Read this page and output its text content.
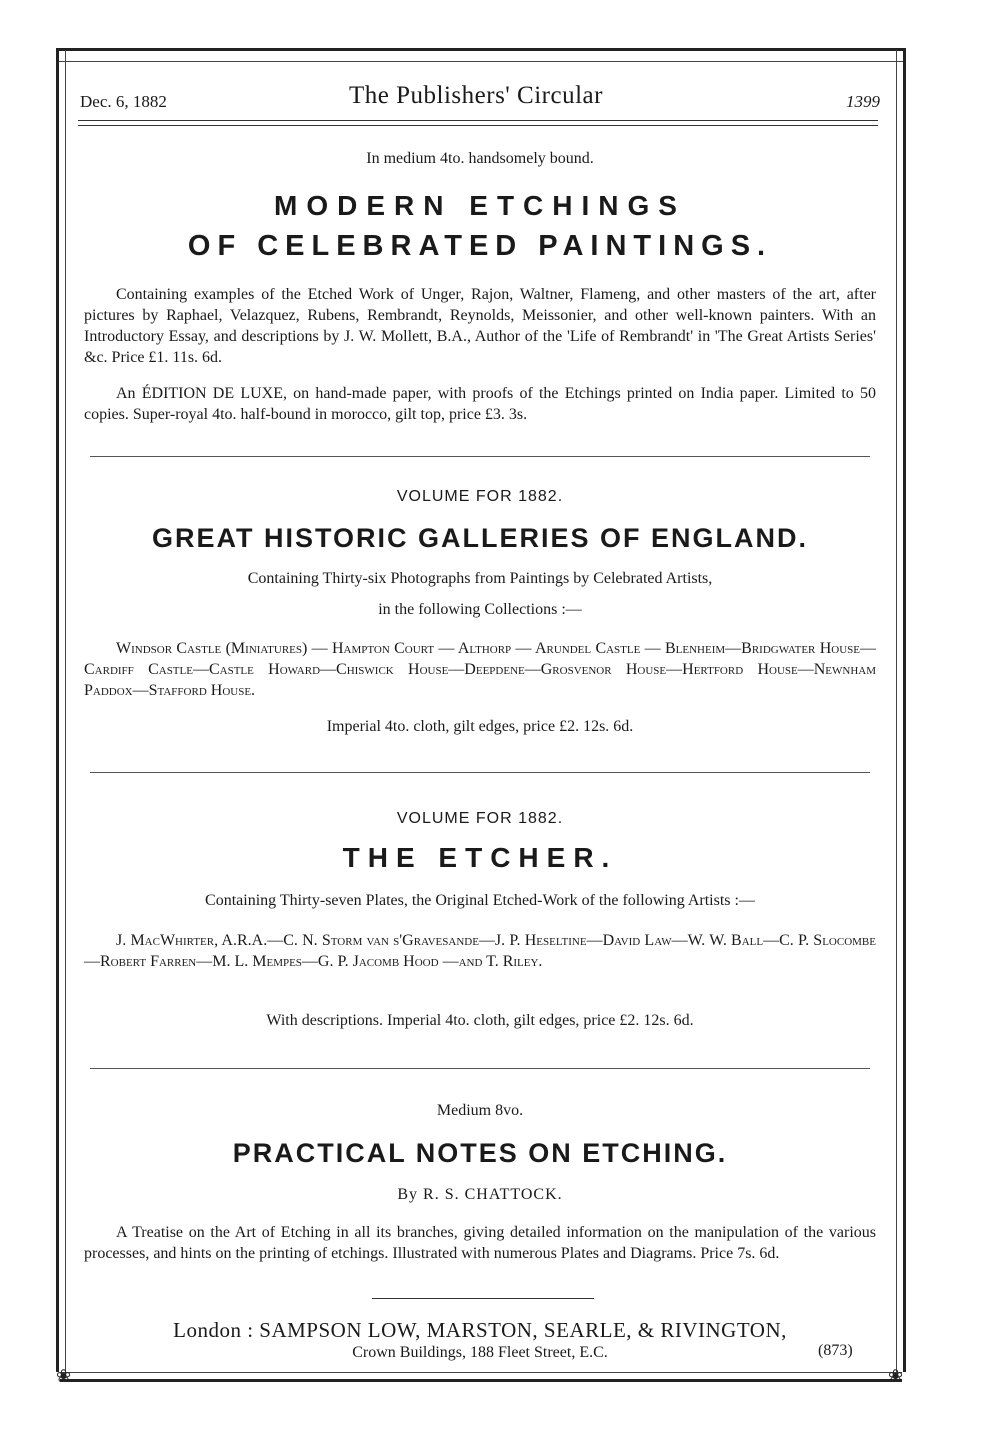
❀	❀
Dec. 6, 1882	The Publishers' Circular	1399
In medium 4to. handsomely bound.
MODERN ETCHINGS
OF CELEBRATED PAINTINGS.
Containing examples of the Etched Work of Unger, Rajon, Waltner, Flameng, and other masters of the art, after pictures by Raphael, Velazquez, Rubens, Rembrandt, Reynolds, Meissonier, and other well-known painters. With an Introductory Essay, and descriptions by J. W. Mollett, B.A., Author of the 'Life of Rembrandt' in 'The Great Artists Series' &c. Price £1. 11s. 6d.
An ÉDITION DE LUXE, on hand-made paper, with proofs of the Etchings printed on India paper. Limited to 50 copies. Super-royal 4to. half-bound in morocco, gilt top, price £3. 3s.
VOLUME FOR 1882.
GREAT HISTORIC GALLERIES OF ENGLAND.
Containing Thirty-six Photographs from Paintings by Celebrated Artists,
in the following Collections :—
Windsor Castle (Miniatures) — Hampton Court — Althorp — Arundel Castle — Blenheim—Bridgwater House—Cardiff Castle—Castle Howard—Chiswick House—Deepdene—Grosvenor House—Hertford House—Newnham Paddox—Stafford House.
Imperial 4to. cloth, gilt edges, price £2. 12s. 6d.
VOLUME FOR 1882.
THE ETCHER.
Containing Thirty-seven Plates, the Original Etched-Work of the following Artists :—
J. MacWhirter, A.R.A.—C. N. Storm van s'Gravesande—J. P. Heseltine—David Law—W. W. Ball—C. P. Slocombe—Robert Farren—M. L. Mempes—G. P. Jacomb Hood —and T. Riley.
With descriptions. Imperial 4to. cloth, gilt edges, price £2. 12s. 6d.
Medium 8vo.
PRACTICAL NOTES ON ETCHING.
By R. S. CHATTOCK.
A Treatise on the Art of Etching in all its branches, giving detailed information on the manipulation of the various processes, and hints on the printing of etchings. Illustrated with numerous Plates and Diagrams. Price 7s. 6d.
London : SAMPSON LOW, MARSTON, SEARLE, & RIVINGTON,
Crown Buildings, 188 Fleet Street, E.C.	(873)
